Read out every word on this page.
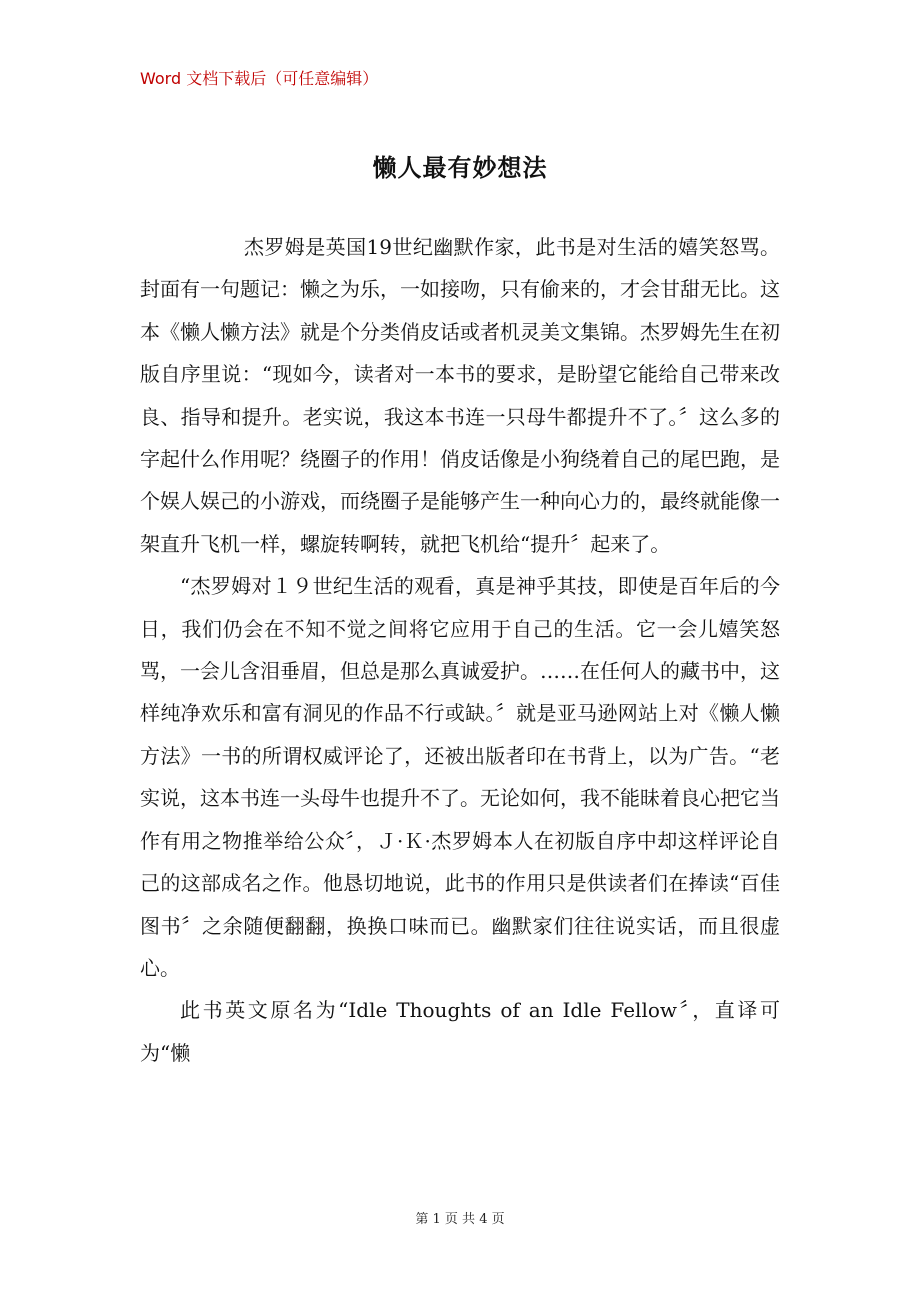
Word 文档下载后（可任意编辑）
懒人最有妙想法

杰罗姆是英国19世纪幽默作家，此书是对生活的嬉笑怒骂。封面有一句题记：懒之为乐，一如接吻，只有偷来的，才会甘甜无比。这本《懒人懒方法》就是个分类俏皮话或者机灵美文集锦。杰罗姆先生在初版自序里说：“现如今，读者对一本书的要求，是盼望它能给自己带来改良、指导和提升。老实说，我这本书连一只母牛都提升不了。〞这么多的字起什么作用呢？绕圈子的作用！俏皮话像是小狗绕着自己的尾巴跑，是个娱人娱己的小游戏，而绕圈子是能够产生一种向心力的，最终就能像一架直升飞机一样，螺旋转啊转，就把飞机给“提升〞起来了。

“杰罗姆对１９世纪生活的观看，真是神乎其技，即使是百年后的今日，我们仍会在不知不觉之间将它应用于自己的生活。它一会儿嬉笑怒骂，一会儿含泪垂眉，但总是那么真诚爱护。……在任何人的藏书中，这样纯净欢乐和富有洞见的作品不行或缺。〞就是亚马逊网站上对《懒人懒方法》一书的所谓权威评论了，还被出版者印在书背上，以为广告。“老实说，这本书连一头母牛也提升不了。无论如何，我不能昧着良心把它当作有用之物推举给公众〞，Ｊ·Ｋ·杰罗姆本人在初版自序中却这样评论自己的这部成名之作。他恳切地说，此书的作用只是供读者们在捧读“百佳图书〞之余随便翻翻，换换口味而已。幽默家们往往说实话，而且很虚心。

此书英文原名为“Idle Thoughts of an Idle Fellow〞，直译可为“懒

第 1 页 共 4 页
